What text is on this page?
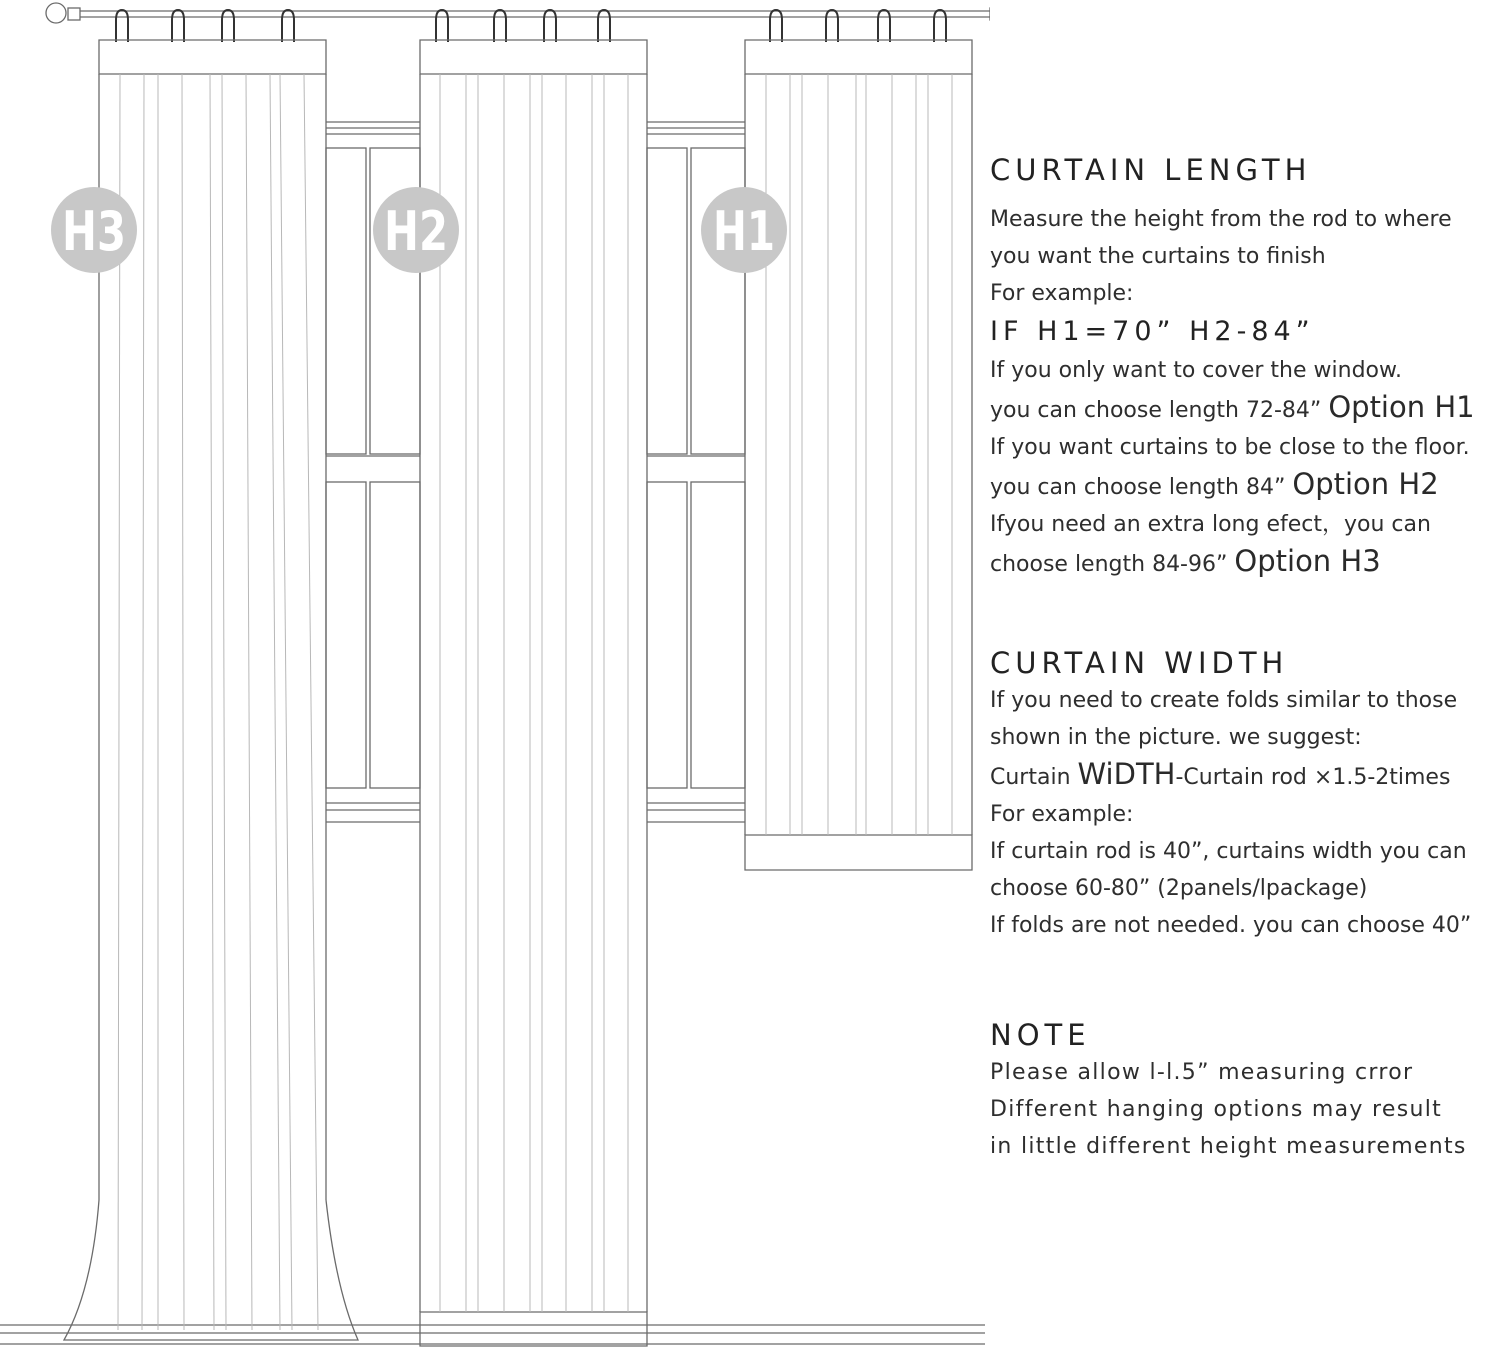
H3	H2	H1
CURTAIN LENGTH
Measure the height from the rod to where
you want the curtains to finish
For example:
IF H1=70” H2-84”
If you only want to cover the window.
you can choose length 72-84” Option H1
If you want curtains to be close to the floor.
you can choose length 84” Option H2
Ifyou need an extra long efect，you can
choose length 84-96” Option H3
CURTAIN WIDTH
If you need to create folds similar to those
shown in the picture. we suggest:
Curtain WiDTH-Curtain rod ×1.5-2times
For example:
If curtain rod is 40”, curtains width you can
choose 60-80” (2panels/lpackage)
If folds are not needed. you can choose 40”
NOTE
Please allow l-l.5” measuring crror
Different hanging options may result
in little different height measurements
